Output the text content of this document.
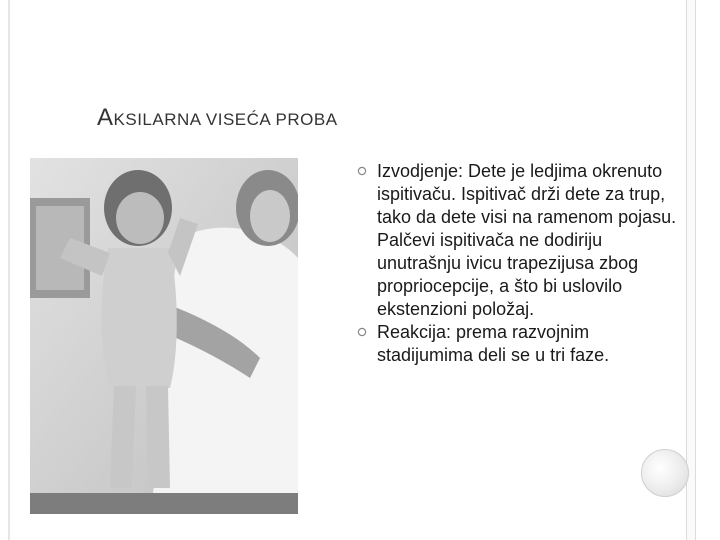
AKSILARNA VISEĆA PROBA
Izvodjenje: Dete je ledjima okrenuto ispitivaču. Ispitivač drži dete za trup, tako da dete visi na ramenom pojasu. Palčevi ispitivača ne dodiriju unutrašnju ivicu trapezijusa zbog propriocepcije, a što bi uslovilo ekstenzioni položaj.
Reakcija: prema razvojnim stadijumima deli se u tri faze.
